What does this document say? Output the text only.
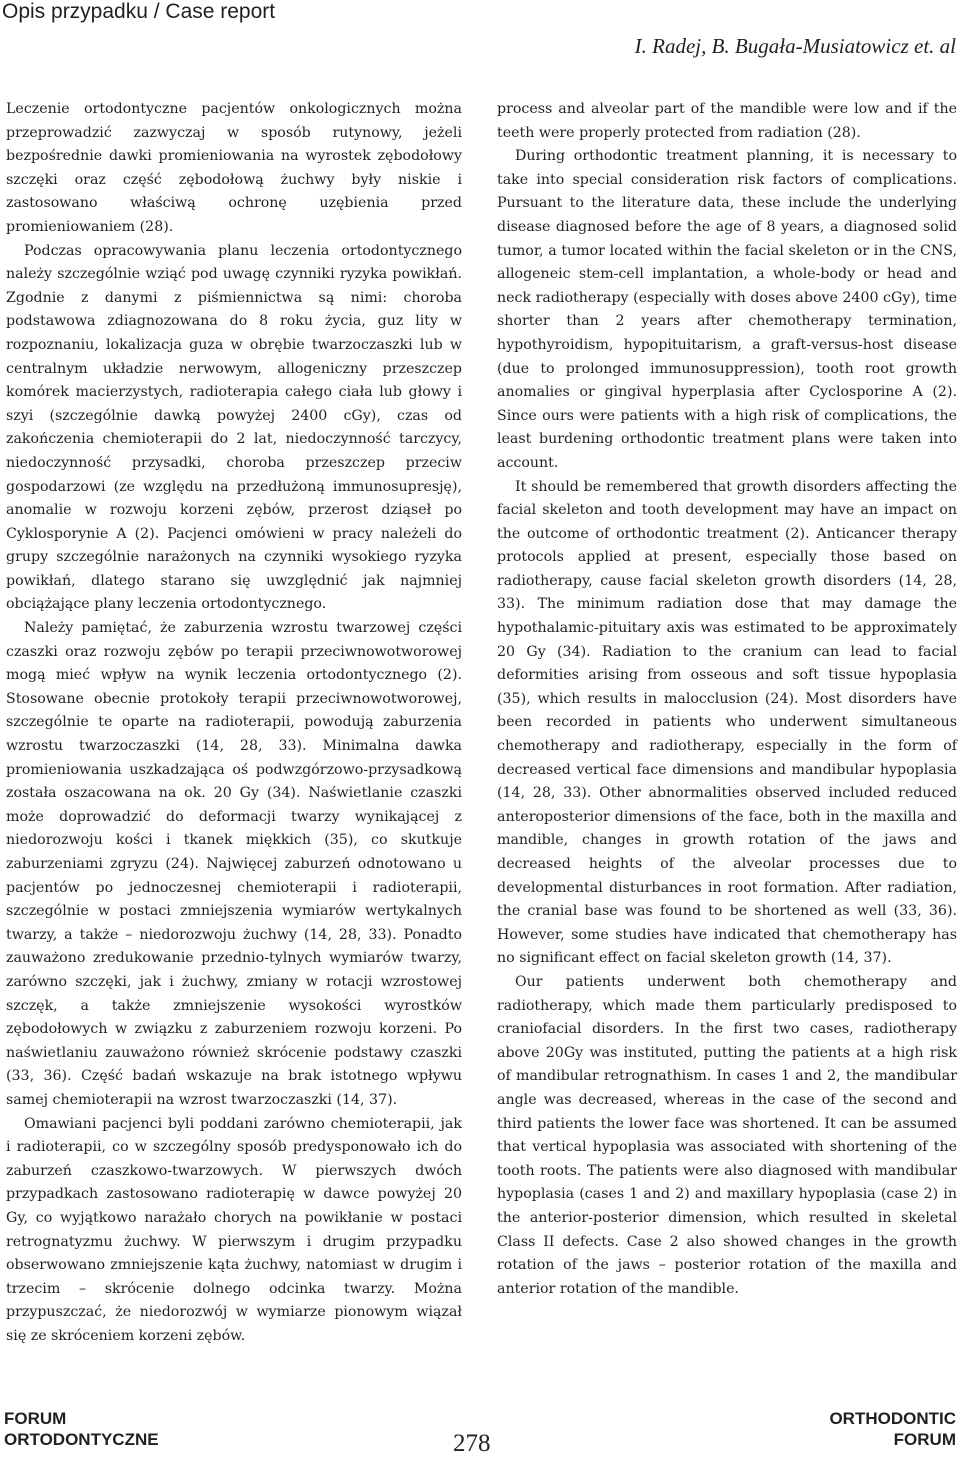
Opis przypadku / Case report
I. Radej, B. Bugała-Musiatowicz et. al

Leczenie ortodontyczne pacjentów onkologicznych można przeprowadzić zazwyczaj w sposób rutynowy, jeżeli bezpośrednie dawki promieniowania na wyrostek zębodołowy szczęki oraz część zębodołową żuchwy były niskie i zastosowano właściwą ochronę uzębienia przed promieniowaniem (28).

Podczas opracowywania planu leczenia ortodontycznego należy szczególnie wziąć pod uwagę czynniki ryzyka powikłań. Zgodnie z danymi z piśmiennictwa są nimi: choroba podstawowa zdiagnozowana do 8 roku życia, guz lity w rozpoznaniu, lokalizacja guza w obrębie twarzoczaszki lub w centralnym układzie nerwowym, allogeniczny przeszczep komórek macierzystych, radioterapia całego ciała lub głowy i szyi (szczególnie dawką powyżej 2400 cGy), czas od zakończenia chemioterapii do 2 lat, niedoczynność tarczycy, niedoczynność przysadki, choroba przeszczep przeciw gospodarzowi (ze względu na przedłużoną immunosupresję), anomalie w rozwoju korzeni zębów, przerost dziąseł po Cyklosporynie A (2). Pacjenci omówieni w pracy należeli do grupy szczególnie narażonych na czynniki wysokiego ryzyka powikłań, dlatego starano się uwzględnić jak najmniej obciążające plany leczenia ortodontycznego.

Należy pamiętać, że zaburzenia wzrostu twarzowej części czaszki oraz rozwoju zębów po terapii przeciwnowotworowej mogą mieć wpływ na wynik leczenia ortodontycznego (2). Stosowane obecnie protokoły terapii przeciwnowotworowej, szczególnie te oparte na radioterapii, powodują zaburzenia wzrostu twarzoczaszki (14, 28, 33). Minimalna dawka promieniowania uszkadzająca oś podwzgórzowo-przysadkową została oszacowana na ok. 20 Gy (34). Naświetlanie czaszki może doprowadzić do deformacji twarzy wynikającej z niedorozwoju kości i tkanek miękkich (35), co skutkuje zaburzeniami zgryzu (24). Najwięcej zaburzeń odnotowano u pacjentów po jednoczesnej chemioterapii i radioterapii, szczególnie w postaci zmniejszenia wymiarów wertykalnych twarzy, a także – niedorozwoju żuchwy (14, 28, 33). Ponadto zauważono zredukowanie przednio-tylnych wymiarów twarzy, zarówno szczęki, jak i żuchwy, zmiany w rotacji wzrostowej szczęk, a także zmniejszenie wysokości wyrostków zębodołowych w związku z zaburzeniem rozwoju korzeni. Po naświetlaniu zauważono również skrócenie podstawy czaszki (33, 36). Część badań wskazuje na brak istotnego wpływu samej chemioterapii na wzrost twarzoczaszki (14, 37).

Omawiani pacjenci byli poddani zarówno chemioterapii, jak i radioterapii, co w szczególny sposób predysponowało ich do zaburzeń czaszkowo-twarzowych. W pierwszych dwóch przypadkach zastosowano radioterapię w dawce powyżej 20 Gy, co wyjątkowo narażało chorych na powikłanie w postaci retrognatyzmu żuchwy. W pierwszym i drugim przypadku obserwowano zmniejszenie kąta żuchwy, natomiast w drugim i trzecim – skrócenie dolnego odcinka twarzy. Można przypuszczać, że niedorozwój w wymiarze pionowym wiązał się ze skróceniem korzeni zębów.

process and alveolar part of the mandible were low and if the teeth were properly protected from radiation (28).

During orthodontic treatment planning, it is necessary to take into special consideration risk factors of complications. Pursuant to the literature data, these include the underlying disease diagnosed before the age of 8 years, a diagnosed solid tumor, a tumor located within the facial skeleton or in the CNS, allogeneic stem-cell implantation, a whole-body or head and neck radiotherapy (especially with doses above 2400 cGy), time shorter than 2 years after chemotherapy termination, hypothyroidism, hypopituitarism, a graft-versus-host disease (due to prolonged immunosuppression), tooth root growth anomalies or gingival hyperplasia after Cyclosporine A (2). Since ours were patients with a high risk of complications, the least burdening orthodontic treatment plans were taken into account.

It should be remembered that growth disorders affecting the facial skeleton and tooth development may have an impact on the outcome of orthodontic treatment (2). Anticancer therapy protocols applied at present, especially those based on radiotherapy, cause facial skeleton growth disorders (14, 28, 33). The minimum radiation dose that may damage the hypothalamic-pituitary axis was estimated to be approximately 20 Gy (34). Radiation to the cranium can lead to facial deformities arising from osseous and soft tissue hypoplasia (35), which results in malocclusion (24). Most disorders have been recorded in patients who underwent simultaneous chemotherapy and radiotherapy, especially in the form of decreased vertical face dimensions and mandibular hypoplasia (14, 28, 33). Other abnormalities observed included reduced anteroposterior dimensions of the face, both in the maxilla and mandible, changes in growth rotation of the jaws and decreased heights of the alveolar processes due to developmental disturbances in root formation. After radiation, the cranial base was found to be shortened as well (33, 36). However, some studies have indicated that chemotherapy has no significant effect on facial skeleton growth (14, 37).

Our patients underwent both chemotherapy and radiotherapy, which made them particularly predisposed to craniofacial disorders. In the first two cases, radiotherapy above 20Gy was instituted, putting the patients at a high risk of mandibular retrognathism. In cases 1 and 2, the mandibular angle was decreased, whereas in the case of the second and third patients the lower face was shortened. It can be assumed that vertical hypoplasia was associated with shortening of the tooth roots. The patients were also diagnosed with mandibular hypoplasia (cases 1 and 2) and maxillary hypoplasia (case 2) in the anterior-posterior dimension, which resulted in skeletal Class II defects. Case 2 also showed changes in the growth rotation of the jaws – posterior rotation of the maxilla and anterior rotation of the mandible.

FORUM
ORTODONTYCZNE	278
ORTHODONTIC
FORUM
